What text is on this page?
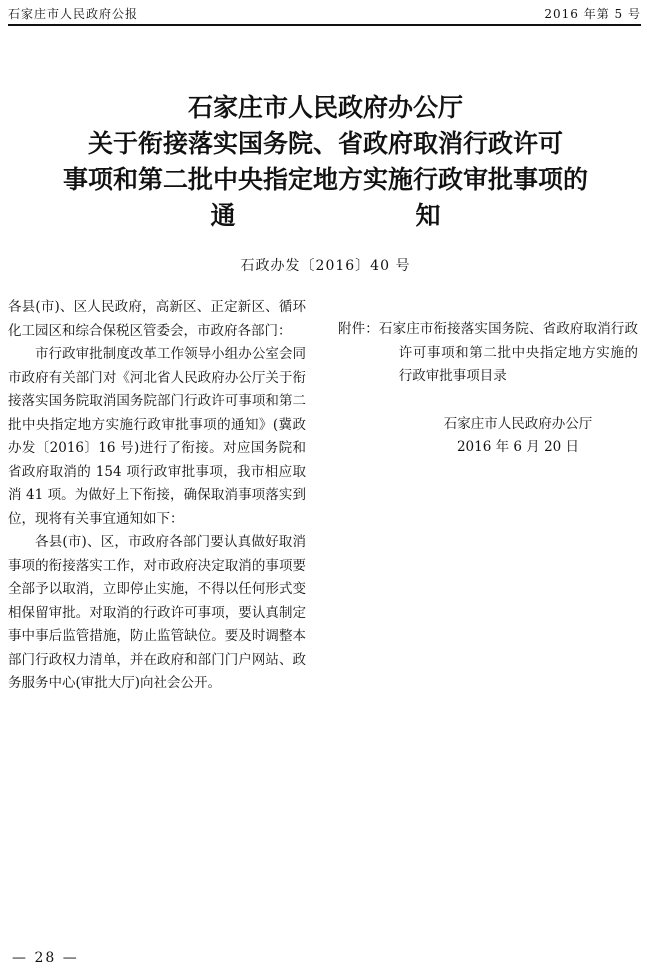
石家庄市人民政府公报	2016 年第 5 号
石家庄市人民政府办公厅
关于衔接落实国务院、省政府取消行政许可
事项和第二批中央指定地方实施行政审批事项的
通	知
石政办发〔2016〕40 号

各县(市)、区人民政府，高新区、正定新区、循环化工园区和综合保税区管委会，市政府各部门：

市行政审批制度改革工作领导小组办公室会同市政府有关部门对《河北省人民政府办公厅关于衔接落实国务院取消国务院部门行政许可事项和第二批中央指定地方实施行政审批事项的通知》(冀政办发〔2016〕16 号)进行了衔接。对应国务院和省政府取消的 154 项行政审批事项，我市相应取消 41 项。为做好上下衔接，确保取消事项落实到位，现将有关事宜通知如下：

各县(市)、区，市政府各部门要认真做好取消事项的衔接落实工作，对市政府决定取消的事项要全部予以取消，立即停止实施，不得以任何形式变相保留审批。对取消的行政许可事项，要认真制定事中事后监管措施，防止监管缺位。要及时调整本部门行政权力清单，并在政府和部门门户网站、政务服务中心(审批大厅)向社会公开。

附件：石家庄市衔接落实国务院、省政府取消行政许可事项和第二批中央指定地方实施的行政审批事项目录

石家庄市人民政府办公厅
2016 年 6 月 20 日

— 28 —
